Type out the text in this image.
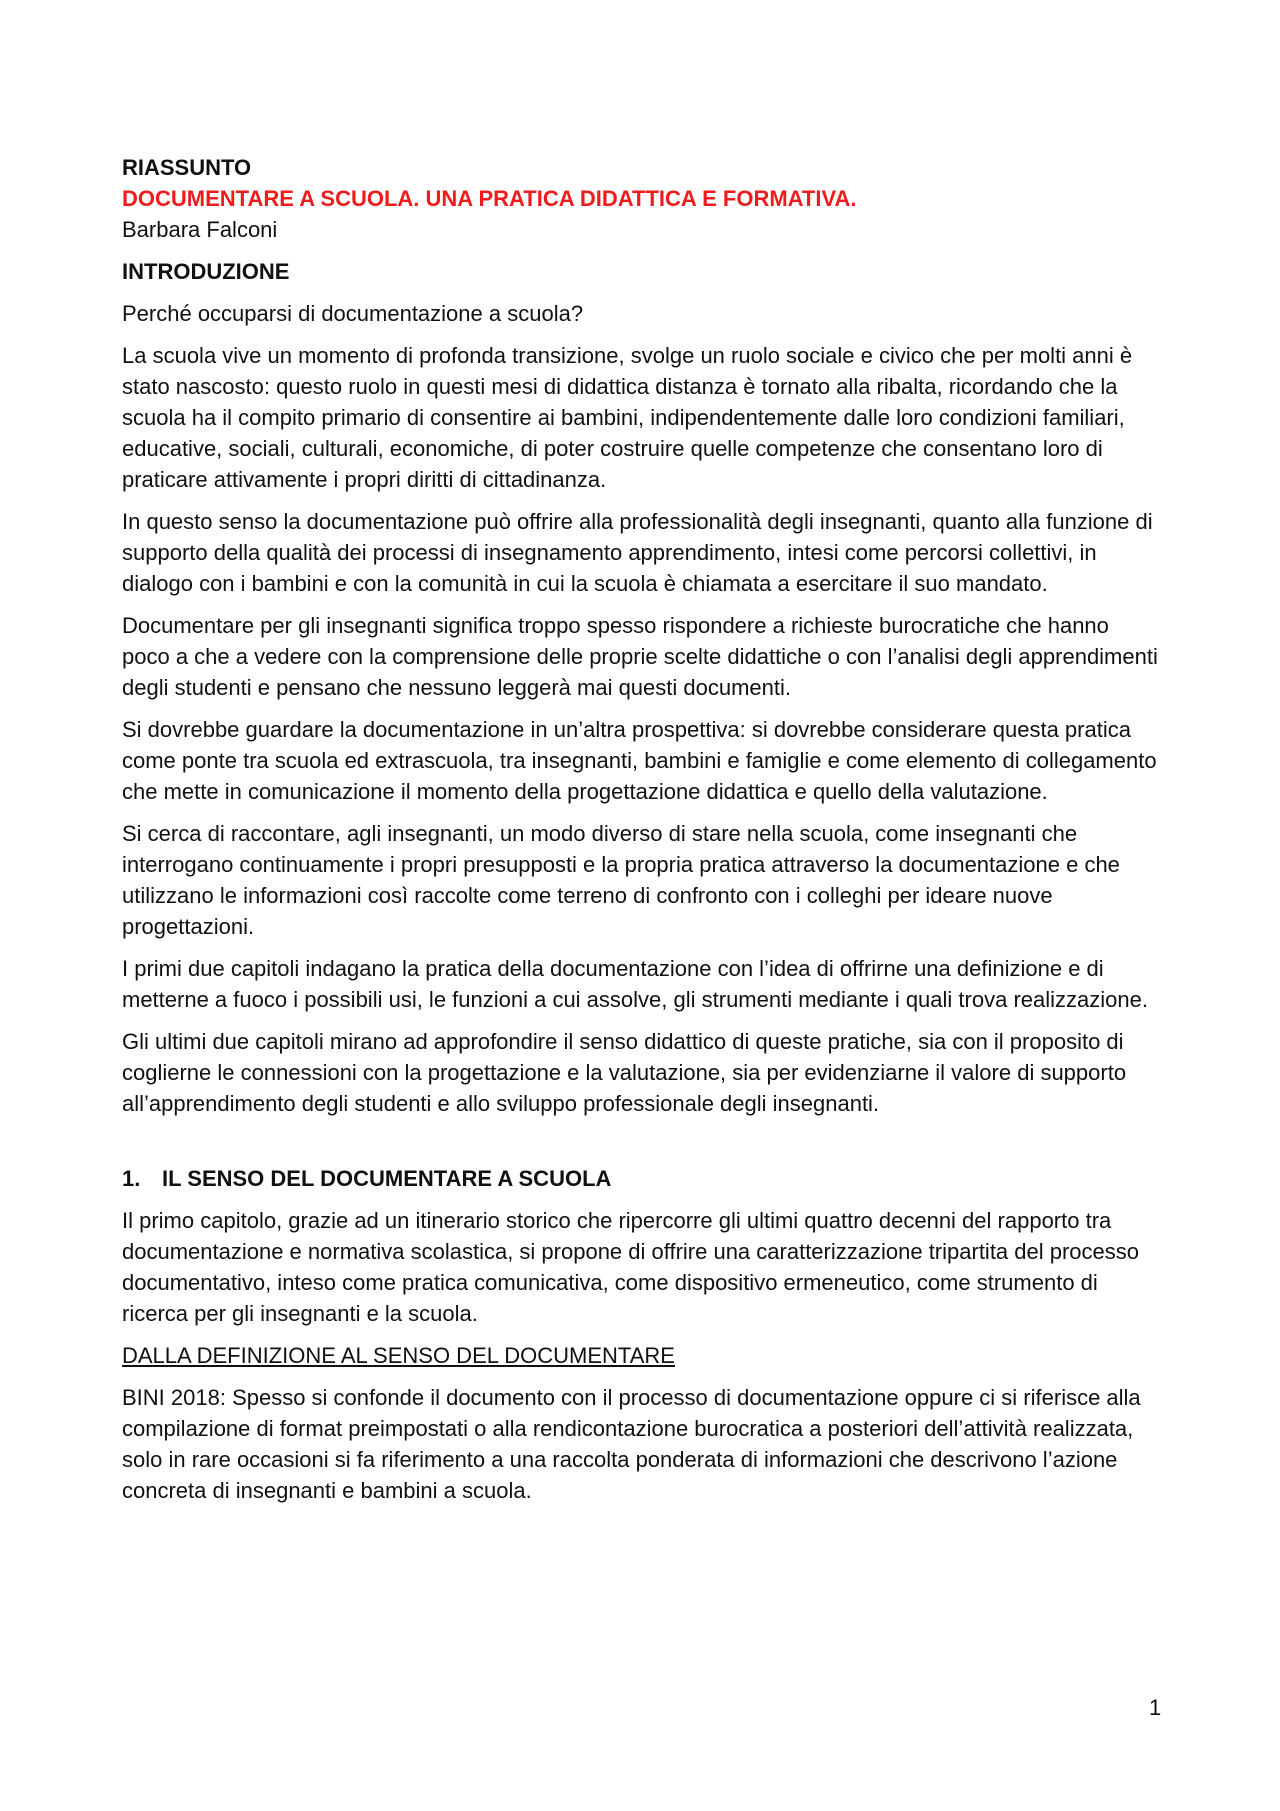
RIASSUNTO

DOCUMENTARE A SCUOLA. UNA PRATICA DIDATTICA E FORMATIVA.

Barbara Falconi

INTRODUZIONE

Perché occuparsi di documentazione a scuola?

La scuola vive un momento di profonda transizione, svolge un ruolo sociale e civico che per molti anni è stato nascosto: questo ruolo in questi mesi di didattica distanza è tornato alla ribalta, ricordando che la scuola ha il compito primario di consentire ai bambini, indipendentemente dalle loro condizioni familiari, educative, sociali, culturali, economiche, di poter costruire quelle competenze che consentano loro di praticare attivamente i propri diritti di cittadinanza.

In questo senso la documentazione può offrire alla professionalità degli insegnanti, quanto alla funzione di supporto della qualità dei processi di insegnamento apprendimento, intesi come percorsi collettivi, in dialogo con i bambini e con la comunità in cui la scuola è chiamata a esercitare il suo mandato.

Documentare per gli insegnanti significa troppo spesso rispondere a richieste burocratiche che hanno poco a che a vedere con la comprensione delle proprie scelte didattiche o con l’analisi degli apprendimenti degli studenti e pensano che nessuno leggerà mai questi documenti.

Si dovrebbe guardare la documentazione in un’altra prospettiva: si dovrebbe considerare questa pratica come ponte tra scuola ed extrascuola, tra insegnanti, bambini e famiglie e come elemento di collegamento che mette in comunicazione il momento della progettazione didattica e quello della valutazione.

Si cerca di raccontare, agli insegnanti, un modo diverso di stare nella scuola, come insegnanti che interrogano continuamente i propri presupposti e la propria pratica attraverso la documentazione e che utilizzano le informazioni così raccolte come terreno di confronto con i colleghi per ideare nuove progettazioni.

I primi due capitoli indagano la pratica della documentazione con l’idea di offrirne una definizione e di metterne a fuoco i possibili usi, le funzioni a cui assolve, gli strumenti mediante i quali trova realizzazione.

Gli ultimi due capitoli mirano ad approfondire il senso didattico di queste pratiche, sia con il proposito di coglierne le connessioni con la progettazione e la valutazione, sia per evidenziarne il valore di supporto all’apprendimento degli studenti e allo sviluppo professionale degli insegnanti.

1. IL SENSO DEL DOCUMENTARE A SCUOLA

Il primo capitolo, grazie ad un itinerario storico che ripercorre gli ultimi quattro decenni del rapporto tra documentazione e normativa scolastica, si propone di offrire una caratterizzazione tripartita del processo documentativo, inteso come pratica comunicativa, come dispositivo ermeneutico, come strumento di ricerca per gli insegnanti e la scuola.

DALLA DEFINIZIONE AL SENSO DEL DOCUMENTARE

BINI 2018: Spesso si confonde il documento con il processo di documentazione oppure ci si riferisce alla compilazione di format preimpostati o alla rendicontazione burocratica a posteriori dell’attività realizzata, solo in rare occasioni si fa riferimento a una raccolta ponderata di informazioni che descrivono l’azione concreta di insegnanti e bambini a scuola.

1
